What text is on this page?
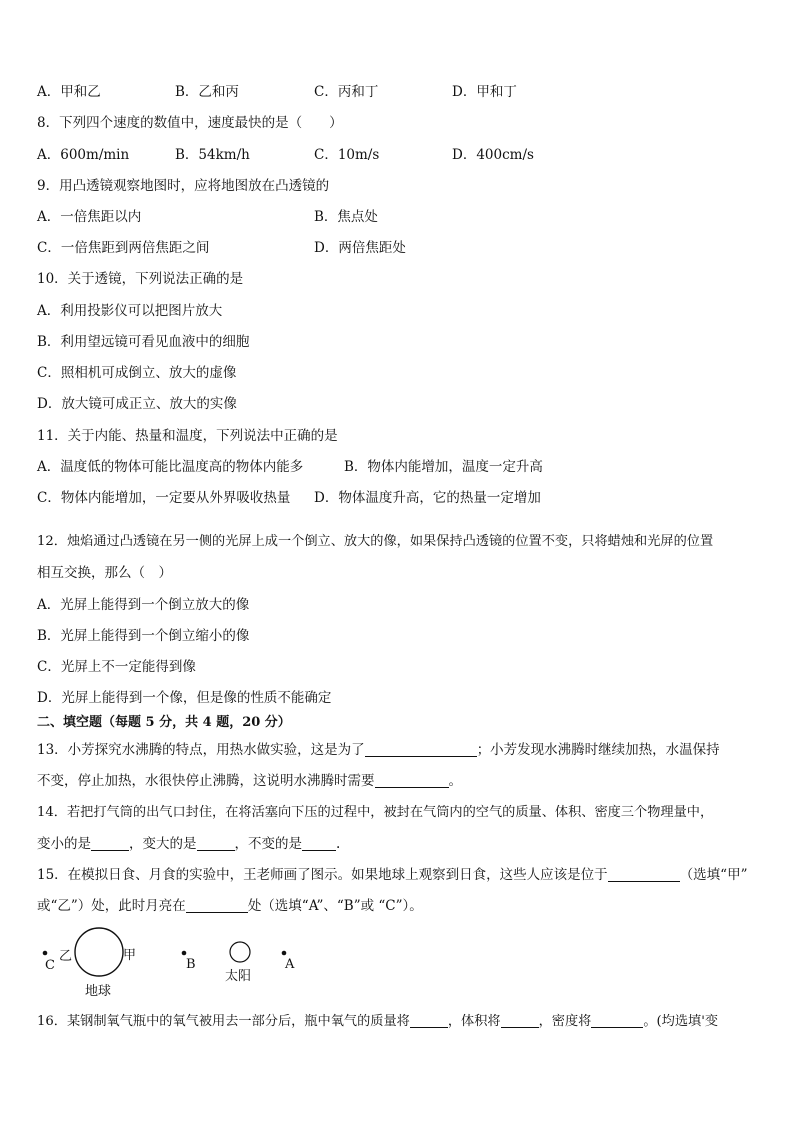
A．甲和乙	B．乙和丙	C．丙和丁	D．甲和丁
8．下列四个速度的数值中，速度最快的是（　　）
A．600m/min	B．54km/h	C．10m/s	D．400cm/s
9．用凸透镜观察地图时，应将地图放在凸透镜的
A．一倍焦距以内	B．焦点处
C．一倍焦距到两倍焦距之间	D．两倍焦距处
10．关于透镜，下列说法正确的是
A．利用投影仪可以把图片放大
B．利用望远镜可看见血液中的细胞
C．照相机可成倒立、放大的虚像
D．放大镜可成正立、放大的实像
11．关于内能、热量和温度，下列说法中正确的是
A．温度低的物体可能比温度高的物体内能多	B．物体内能增加，温度一定升高
C．物体内能增加，一定要从外界吸收热量 D．物体温度升高，它的热量一定增加
12．烛焰通过凸透镜在另一侧的光屏上成一个倒立、放大的像，如果保持凸透镜的位置不变，只将蜡烛和光屏的位置
相互交换，那么（　）
A．光屏上能得到一个倒立放大的像
B．光屏上能得到一个倒立缩小的像
C．光屏上不一定能得到像
D．光屏上能得到一个像，但是像的性质不能确定
二、填空题（每题 5 分，共 4 题，20 分）
13．小芳探究水沸腾的特点，用热水做实验，这是为了	；小芳发现水沸腾时继续加热，水温保持
不变，停止加热，水很快停止沸腾，这说明水沸腾时需要	。
14．若把打气筒的出气口封住，在将活塞向下压的过程中，被封在气筒内的空气的质量、体积、密度三个物理量中，
变小的是	，变大的是	，不变的是	.
15．在模拟日食、月食的实验中，王老师画了图示。如果地球上观察到日食，这些人应该是位于	（选填“甲”
或“乙”）处，此时月亮在	处（选填“A”、“B”或 “C”）。
C
乙	甲
地球
B
太阳
A
16．某钢制氧气瓶中的氧气被用去一部分后，瓶中氧气的质量将	，体积将	，密度将	。(均选填'变
